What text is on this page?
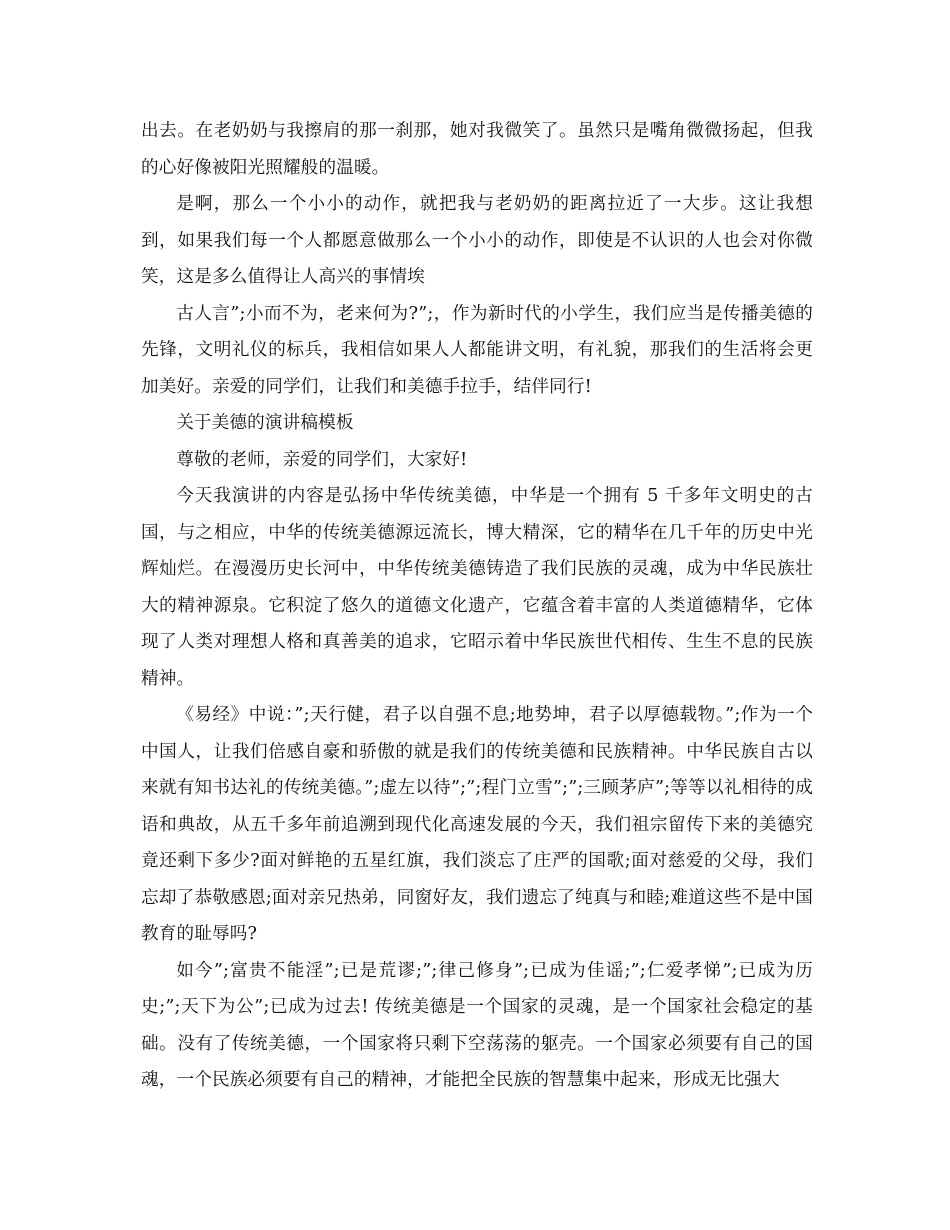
出去。在老奶奶与我擦肩的那一刹那，她对我微笑了。虽然只是嘴角微微扬起，但我的心好像被阳光照耀般的温暖。

是啊，那么一个小小的动作，就把我与老奶奶的距离拉近了一大步。这让我想到，如果我们每一个人都愿意做那么一个小小的动作，即使是不认识的人也会对你微笑，这是多么值得让人高兴的事情埃

古人言”;小而不为，老来何为?”;，作为新时代的小学生，我们应当是传播美德的先锋，文明礼仪的标兵，我相信如果人人都能讲文明，有礼貌，那我们的生活将会更加美好。亲爱的同学们，让我们和美德手拉手，结伴同行!

关于美德的演讲稿模板

尊敬的老师，亲爱的同学们，大家好!

今天我演讲的内容是弘扬中华传统美德，中华是一个拥有 5 千多年文明史的古国，与之相应，中华的传统美德源远流长，博大精深，它的精华在几千年的历史中光辉灿烂。在漫漫历史长河中，中华传统美德铸造了我们民族的灵魂，成为中华民族壮大的精神源泉。它积淀了悠久的道德文化遗产，它蕴含着丰富的人类道德精华，它体现了人类对理想人格和真善美的追求，它昭示着中华民族世代相传、生生不息的民族精神。

《易经》中说：”;天行健，君子以自强不息;地势坤，君子以厚德载物。”;作为一个中国人，让我们倍感自豪和骄傲的就是我们的传统美德和民族精神。中华民族自古以来就有知书达礼的传统美德。”;虚左以待”;”;程门立雪”;”;三顾茅庐”;等等以礼相待的成语和典故，从五千多年前追溯到现代化高速发展的今天，我们祖宗留传下来的美德究竟还剩下多少?面对鲜艳的五星红旗，我们淡忘了庄严的国歌;面对慈爱的父母，我们忘却了恭敬感恩;面对亲兄热弟，同窗好友，我们遗忘了纯真与和睦;难道这些不是中国教育的耻辱吗?

如今”;富贵不能淫”;已是荒谬;”;律己修身”;已成为佳谣;”;仁爱孝悌”;已成为历史;”;天下为公”;已成为过去! 传统美德是一个国家的灵魂，是一个国家社会稳定的基础。没有了传统美德，一个国家将只剩下空荡荡的躯壳。一个国家必须要有自己的国魂，一个民族必须要有自己的精神，才能把全民族的智慧集中起来，形成无比强大
